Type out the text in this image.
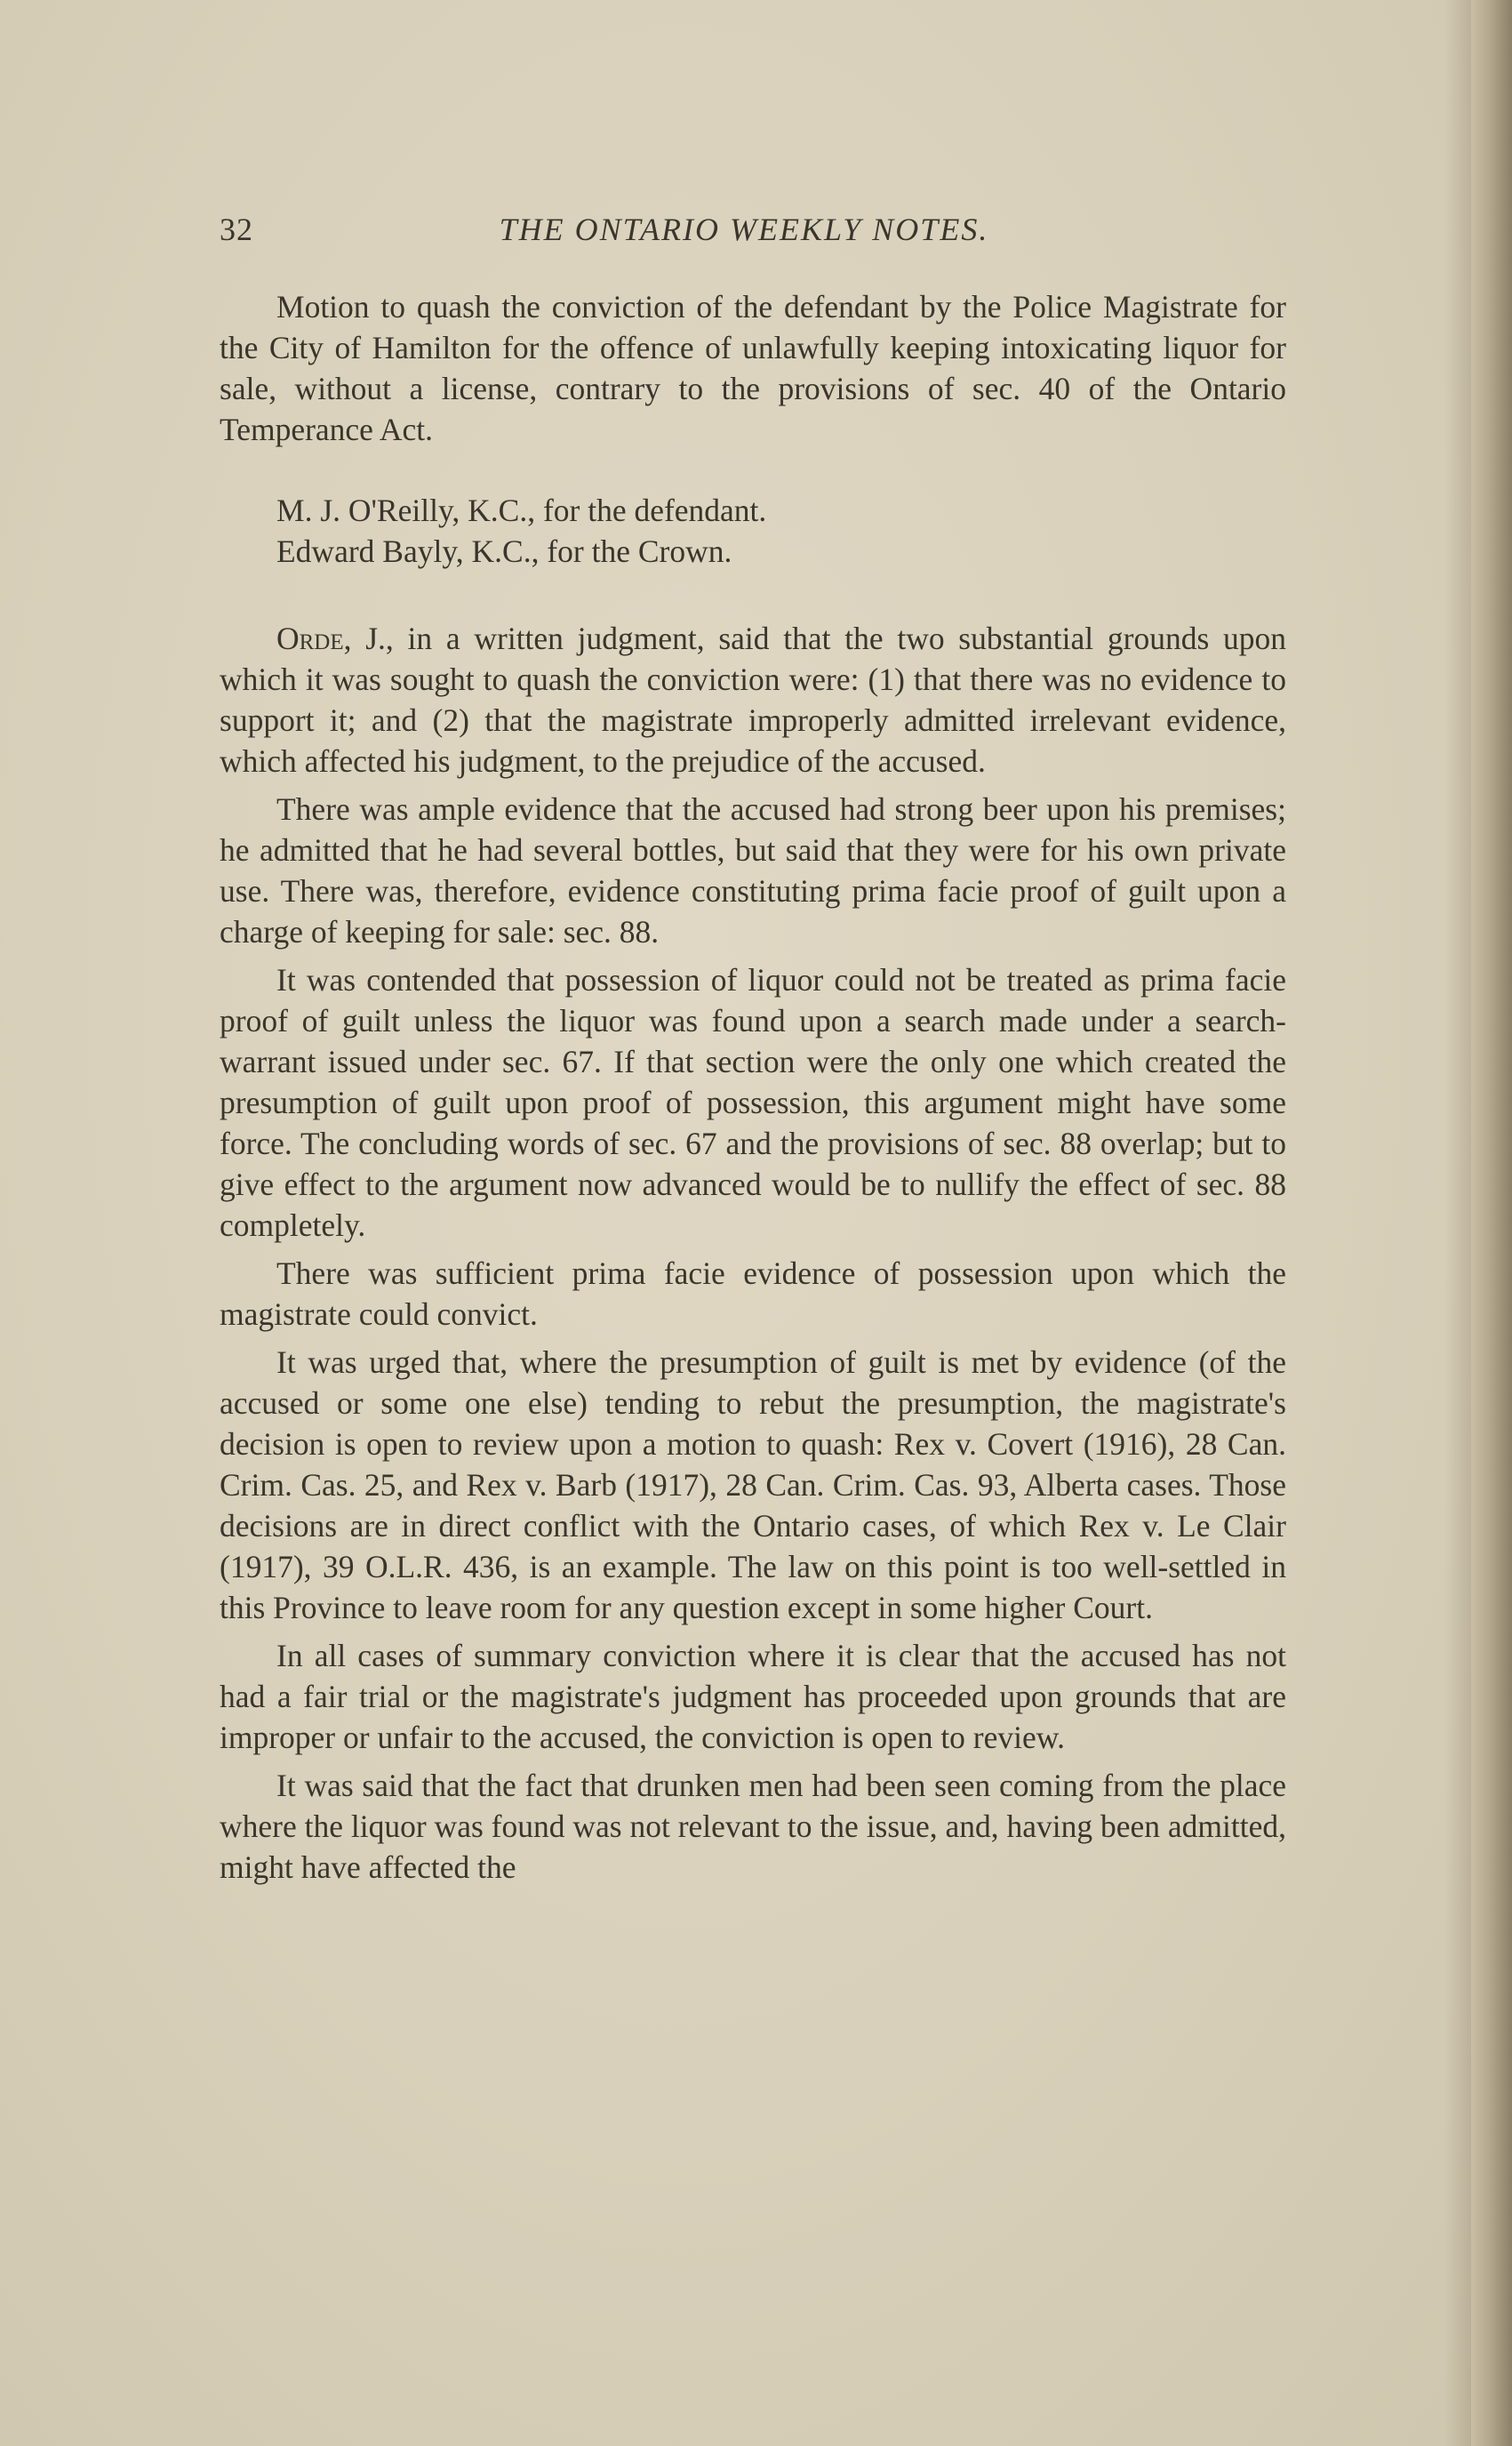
32	THE ONTARIO WEEKLY NOTES.

Motion to quash the conviction of the defendant by the Police Magistrate for the City of Hamilton for the offence of unlawfully keeping intoxicating liquor for sale, without a license, contrary to the provisions of sec. 40 of the Ontario Temperance Act.

M. J. O'Reilly, K.C., for the defendant.

Edward Bayly, K.C., for the Crown.

Orde, J., in a written judgment, said that the two substantial grounds upon which it was sought to quash the conviction were: (1) that there was no evidence to support it; and (2) that the magistrate improperly admitted irrelevant evidence, which affected his judgment, to the prejudice of the accused.

There was ample evidence that the accused had strong beer upon his premises; he admitted that he had several bottles, but said that they were for his own private use. There was, therefore, evidence constituting prima facie proof of guilt upon a charge of keeping for sale: sec. 88.

It was contended that possession of liquor could not be treated as prima facie proof of guilt unless the liquor was found upon a search made under a search-warrant issued under sec. 67. If that section were the only one which created the presumption of guilt upon proof of possession, this argument might have some force. The concluding words of sec. 67 and the provisions of sec. 88 overlap; but to give effect to the argument now advanced would be to nullify the effect of sec. 88 completely.

There was sufficient prima facie evidence of possession upon which the magistrate could convict.

It was urged that, where the presumption of guilt is met by evidence (of the accused or some one else) tending to rebut the presumption, the magistrate's decision is open to review upon a motion to quash: Rex v. Covert (1916), 28 Can. Crim. Cas. 25, and Rex v. Barb (1917), 28 Can. Crim. Cas. 93, Alberta cases. Those decisions are in direct conflict with the Ontario cases, of which Rex v. Le Clair (1917), 39 O.L.R. 436, is an example. The law on this point is too well-settled in this Province to leave room for any question except in some higher Court.

In all cases of summary conviction where it is clear that the accused has not had a fair trial or the magistrate's judgment has proceeded upon grounds that are improper or unfair to the accused, the conviction is open to review.

It was said that the fact that drunken men had been seen coming from the place where the liquor was found was not relevant to the issue, and, having been admitted, might have affected the
